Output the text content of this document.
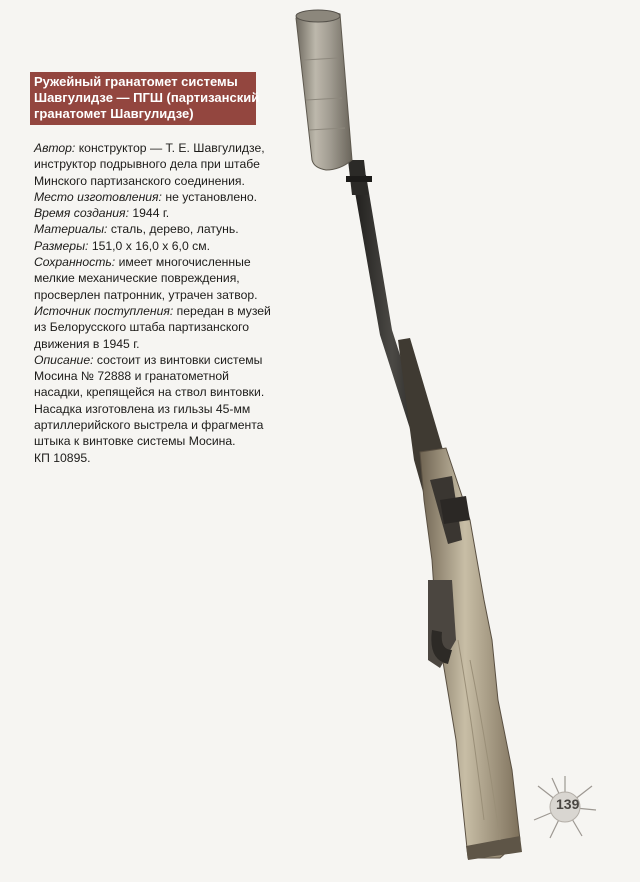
Ружейный гранатомет системы
Шавгулидзе — ПГШ (партизанский
гранатомет Шавгулидзе)
Автор: конструктор — Т. Е. Шавгулидзе,
инструктор подрывного дела при штабе
Минского партизанского соединения.
Место изготовления: не установлено.
Время создания: 1944 г.
Материалы: сталь, дерево, латунь.
Размеры: 151,0 х 16,0 х 6,0 см.
Сохранность: имеет многочисленные
мелкие механические повреждения,
просверлен патронник, утрачен затвор.
Источник поступления: передан в музей
из Белорусского штаба партизанского
движения в 1945 г.
Описание: состоит из винтовки системы
Мосина № 72888 и гранатометной
насадки, крепящейся на ствол винтовки.
Насадка изготовлена из гильзы 45-мм
артиллерийского выстрела и фрагмента
штыка к винтовке системы Мосина.
КП 10895.
139
